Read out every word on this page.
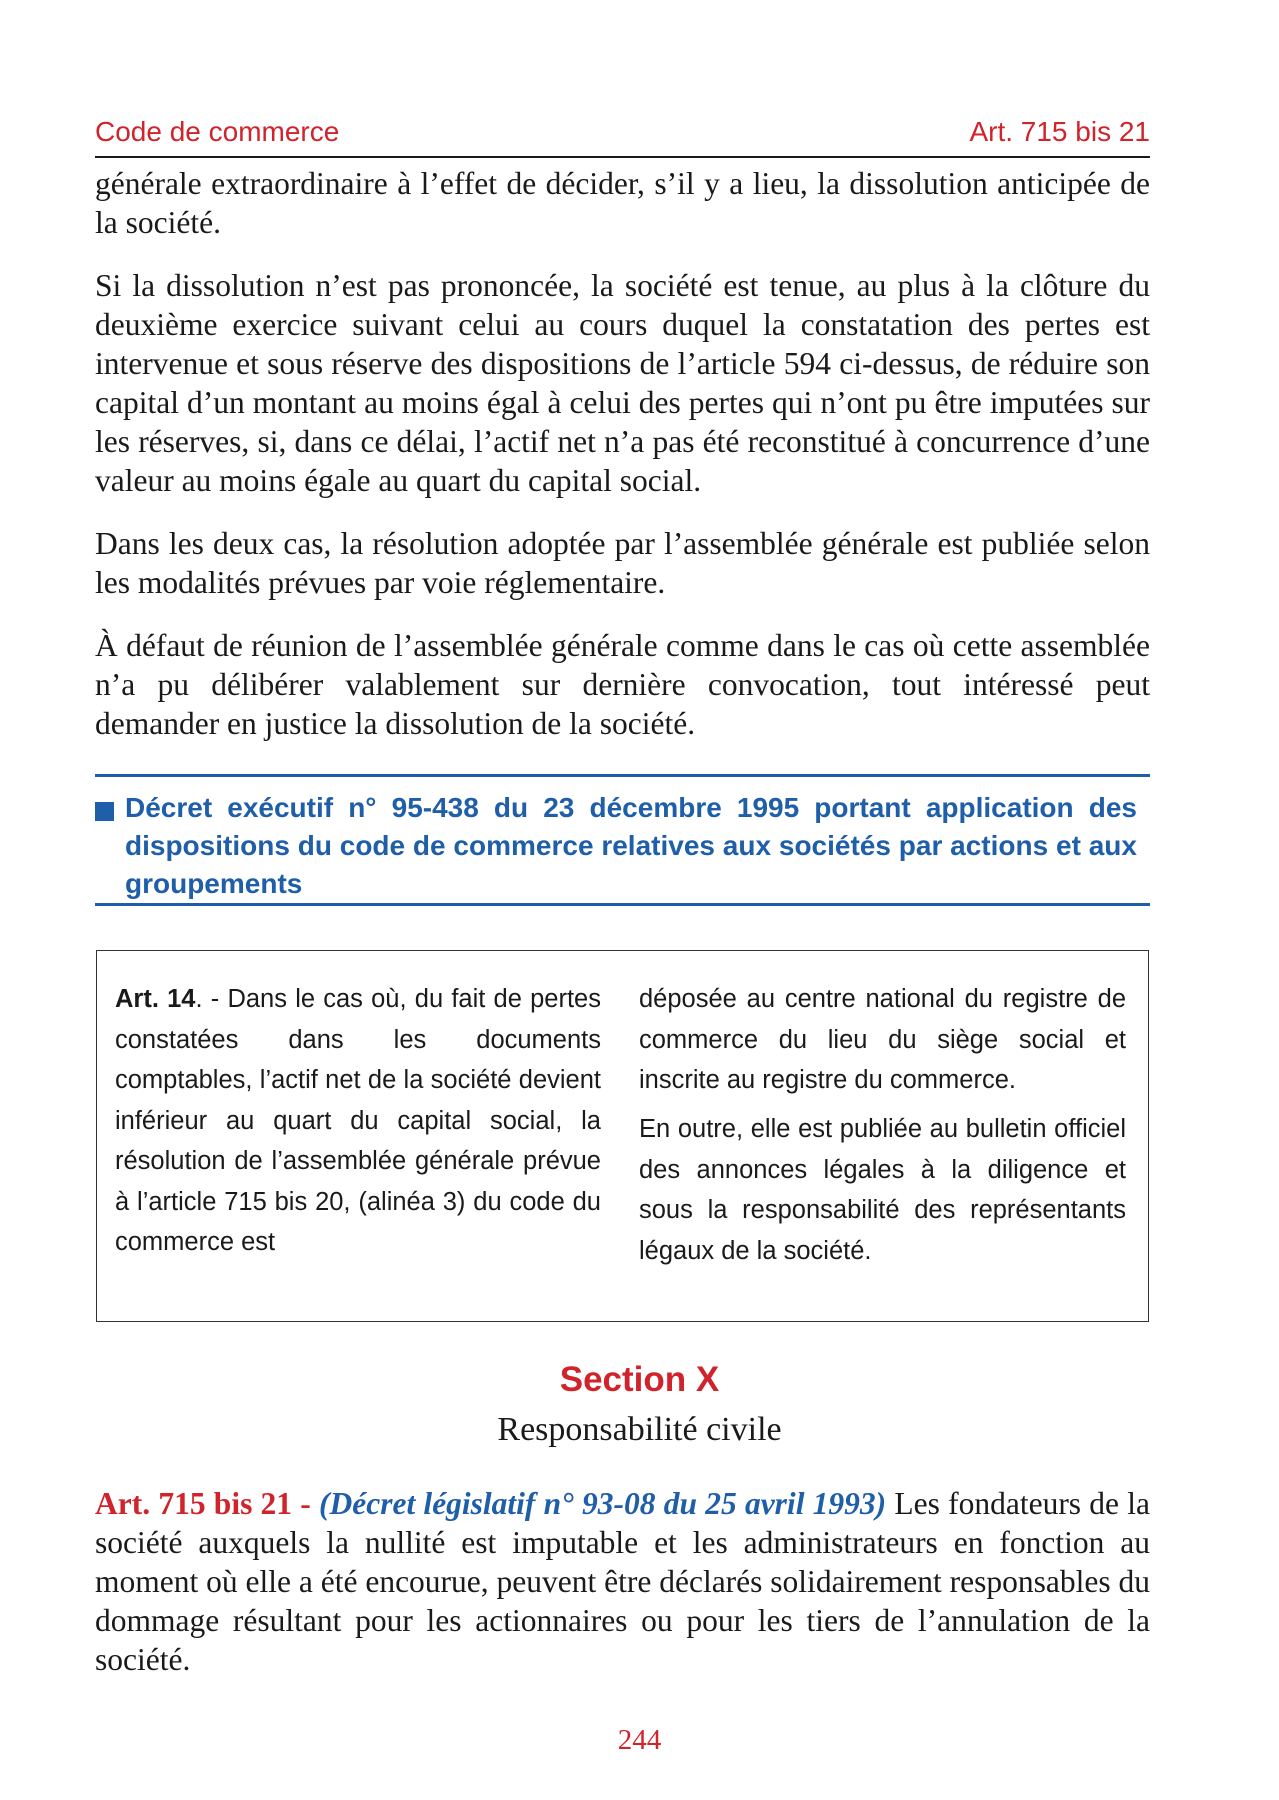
Code de commerce	Art. 715 bis 21

générale extraordinaire à l’effet de décider, s’il y a lieu, la dissolution anticipée de la société.

Si la dissolution n’est pas prononcée, la société est tenue, au plus à la clôture du deuxième exercice suivant celui au cours duquel la constatation des pertes est intervenue et sous réserve des dispositions de l’article 594 ci-dessus, de réduire son capital d’un montant au moins égal à celui des pertes qui n’ont pu être imputées sur les réserves, si, dans ce délai, l’actif net n’a pas été reconstitué à concurrence d’une valeur au moins égale au quart du capital social.

Dans les deux cas, la résolution adoptée par l’assemblée générale est publiée selon les modalités prévues par voie réglementaire.

À défaut de réunion de l’assemblée générale comme dans le cas où cette assemblée n’a pu délibérer valablement sur dernière convocation, tout intéressé peut demander en justice la dissolution de la société.

Décret exécutif n° 95-438 du 23 décembre 1995 portant application des dispositions du code de commerce relatives aux sociétés par actions et aux groupements

Art. 14. - Dans le cas où, du fait de pertes constatées dans les documents comptables, l’actif net de la société devient inférieur au quart du capital social, la résolution de l’assemblée générale prévue à l’article 715 bis 20, (alinéa 3) du code du commerce est

déposée au centre national du registre de commerce du lieu du siège social et inscrite au registre du commerce.

En outre, elle est publiée au bulletin officiel des annonces légales à la diligence et sous la responsabilité des représentants légaux de la société.

Section X
Responsabilité civile

Art. 715 bis 21 - (Décret législatif n° 93-08 du 25 avril 1993) Les fondateurs de la société auxquels la nullité est imputable et les administrateurs en fonction au moment où elle a été encourue, peuvent être déclarés solidairement responsables du dommage résultant pour les actionnaires ou pour les tiers de l’annulation de la société.

244
